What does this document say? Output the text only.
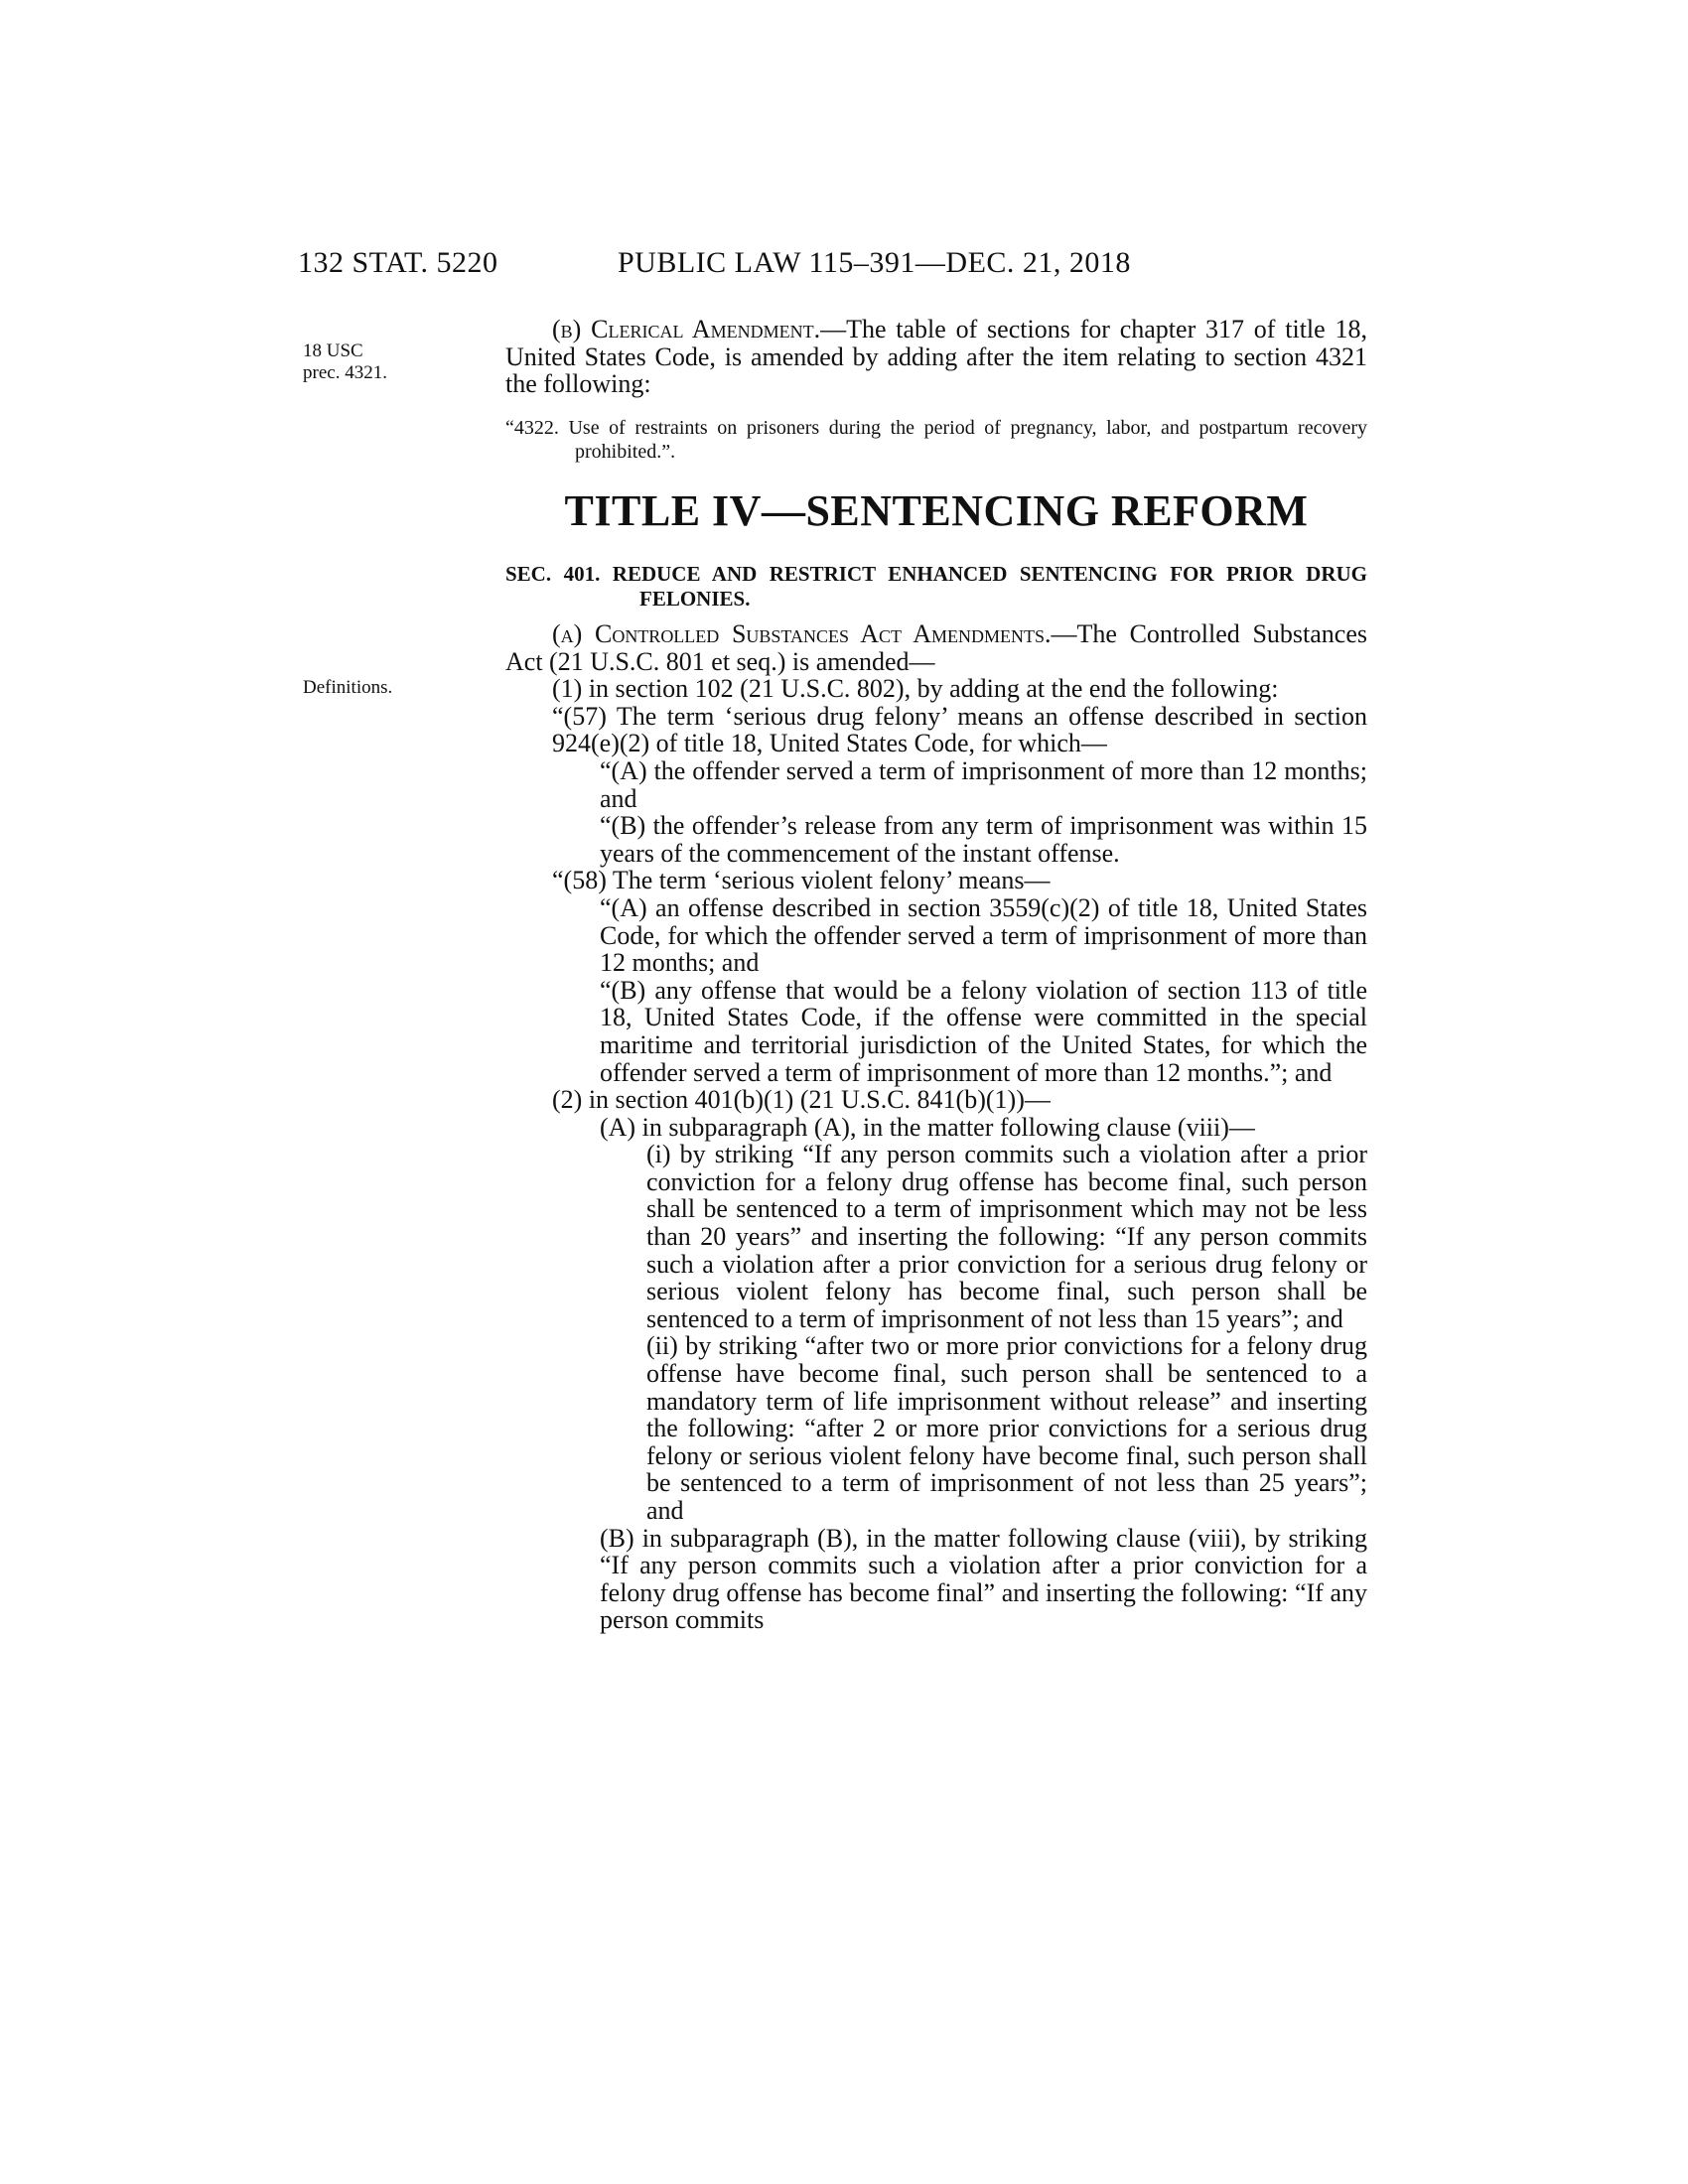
132 STAT. 5220	PUBLIC LAW 115–391—DEC. 21, 2018
18 USC
prec. 4321.
Definitions.

(b) Clerical Amendment.—The table of sections for chapter 317 of title 18, United States Code, is amended by adding after the item relating to section 4321 the following:

“4322. Use of restraints on prisoners during the period of pregnancy, labor, and postpartum recovery prohibited.”.
TITLE IV—SENTENCING REFORM
SEC. 401. REDUCE AND RESTRICT ENHANCED SENTENCING FOR PRIOR DRUG FELONIES.

(a) Controlled Substances Act Amendments.—The Controlled Substances Act (21 U.S.C. 801 et seq.) is amended—

(1) in section 102 (21 U.S.C. 802), by adding at the end the following:

“(57) The term ‘serious drug felony’ means an offense described in section 924(e)(2) of title 18, United States Code, for which—

“(A) the offender served a term of imprisonment of more than 12 months; and

“(B) the offender’s release from any term of imprisonment was within 15 years of the commencement of the instant offense.

“(58) The term ‘serious violent felony’ means—

“(A) an offense described in section 3559(c)(2) of title 18, United States Code, for which the offender served a term of imprisonment of more than 12 months; and

“(B) any offense that would be a felony violation of section 113 of title 18, United States Code, if the offense were committed in the special maritime and territorial jurisdiction of the United States, for which the offender served a term of imprisonment of more than 12 months.”; and

(2) in section 401(b)(1) (21 U.S.C. 841(b)(1))—

(A) in subparagraph (A), in the matter following clause (viii)—

(i) by striking “If any person commits such a violation after a prior conviction for a felony drug offense has become final, such person shall be sentenced to a term of imprisonment which may not be less than 20 years” and inserting the following: “If any person commits such a violation after a prior conviction for a serious drug felony or serious violent felony has become final, such person shall be sentenced to a term of imprisonment of not less than 15 years”; and

(ii) by striking “after two or more prior convictions for a felony drug offense have become final, such person shall be sentenced to a mandatory term of life imprisonment without release” and inserting the following: “after 2 or more prior convictions for a serious drug felony or serious violent felony have become final, such person shall be sentenced to a term of imprisonment of not less than 25 years”; and

(B) in subparagraph (B), in the matter following clause (viii), by striking “If any person commits such a violation after a prior conviction for a felony drug offense has become final” and inserting the following: “If any person commits
